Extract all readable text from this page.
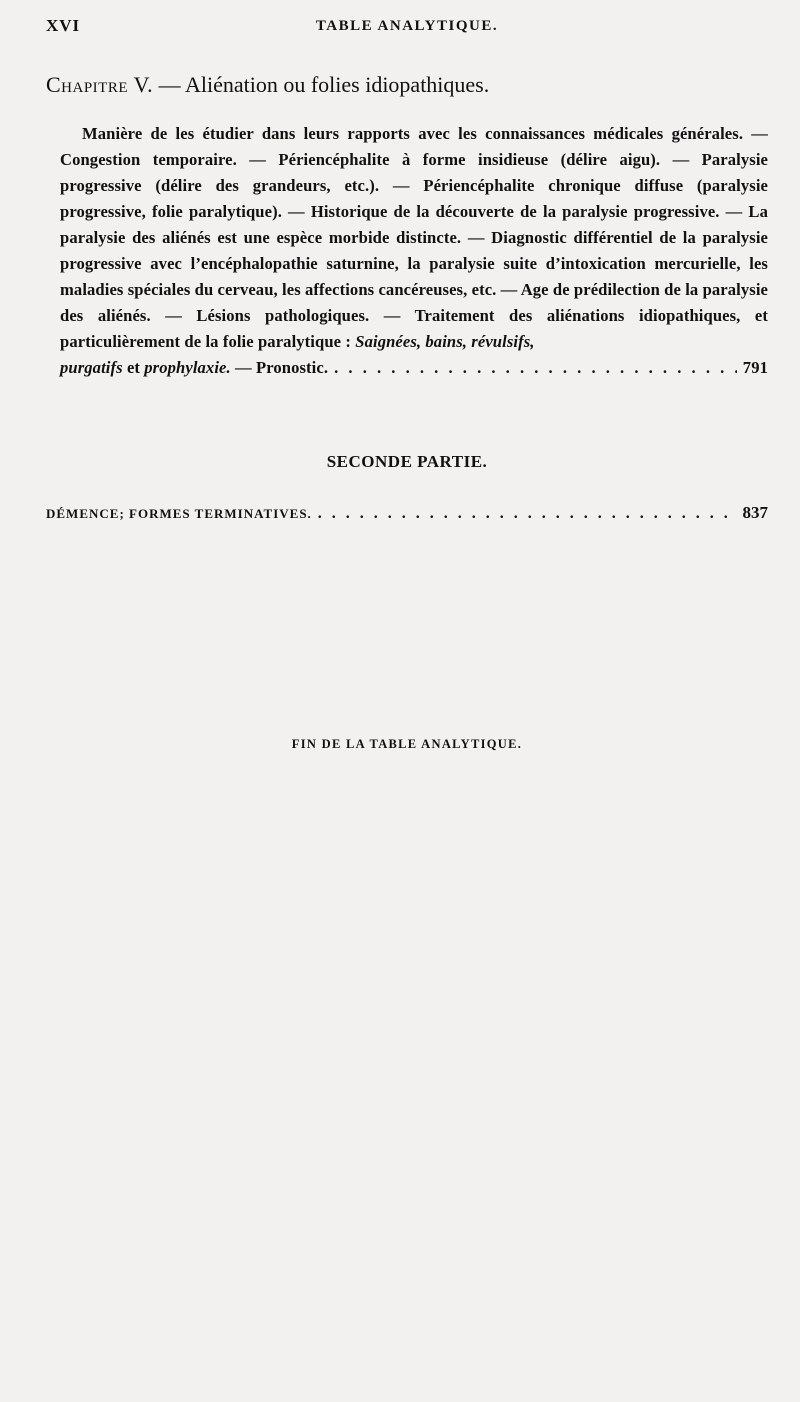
XVI	TABLE ANALYTIQUE.
Chapitre V. — Aliénation ou folies idiopathiques.
Manière de les étudier dans leurs rapports avec les connaissances médicales générales. — Congestion temporaire. — Périencéphalite à forme insidieuse (délire aigu). — Paralysie progressive (délire des grandeurs, etc.). — Périencéphalite chronique diffuse (paralysie progressive, folie paralytique). — Historique de la découverte de la paralysie progressive. — La paralysie des aliénés est une espèce morbide distincte. — Diagnostic différentiel de la paralysie progressive avec l’encéphalopathie saturnine, la paralysie suite d’intoxication mercurielle, les maladies spéciales du cerveau, les affections cancéreuses, etc. — Age de prédilection de la paralysie des aliénés. — Lésions pathologiques. — Traitement des aliénations idiopathiques, et particulièrement de la folie paralytique : Saignées, bains, révulsifs,
purgatifs et prophylaxie. — Pronostic. . . .	791
SECONDE PARTIE.
DÉMENCE; FORMES TERMINATIVES. . . .	837
FIN DE LA TABLE ANALYTIQUE.
